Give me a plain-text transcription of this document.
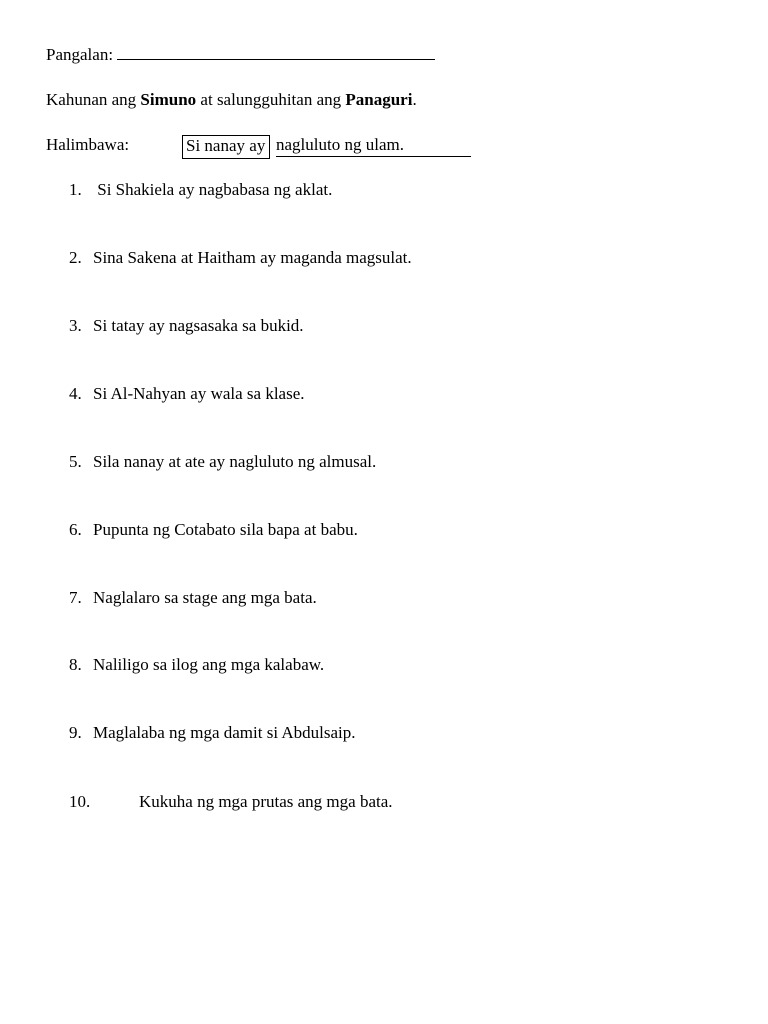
Pangalan:
Kahunan ang Simuno at salungguhitan ang Panaguri.
Halimbawa:	Si nanay ay nagluluto ng ulam.
1. Si Shakiela ay nagbabasa ng aklat.
2. Sina Sakena at Haitham ay maganda magsulat.
3. Si tatay ay nagsasaka sa bukid.
4. Si Al-Nahyan ay wala sa klase.
5. Sila nanay at ate ay nagluluto ng almusal.
6. Pupunta ng Cotabato sila bapa at babu.
7. Naglalaro sa stage ang mga bata.
8. Naliligo sa ilog ang mga kalabaw.
9. Maglalaba ng mga damit si Abdulsaip.
10.	Kukuha ng mga prutas ang mga bata.
